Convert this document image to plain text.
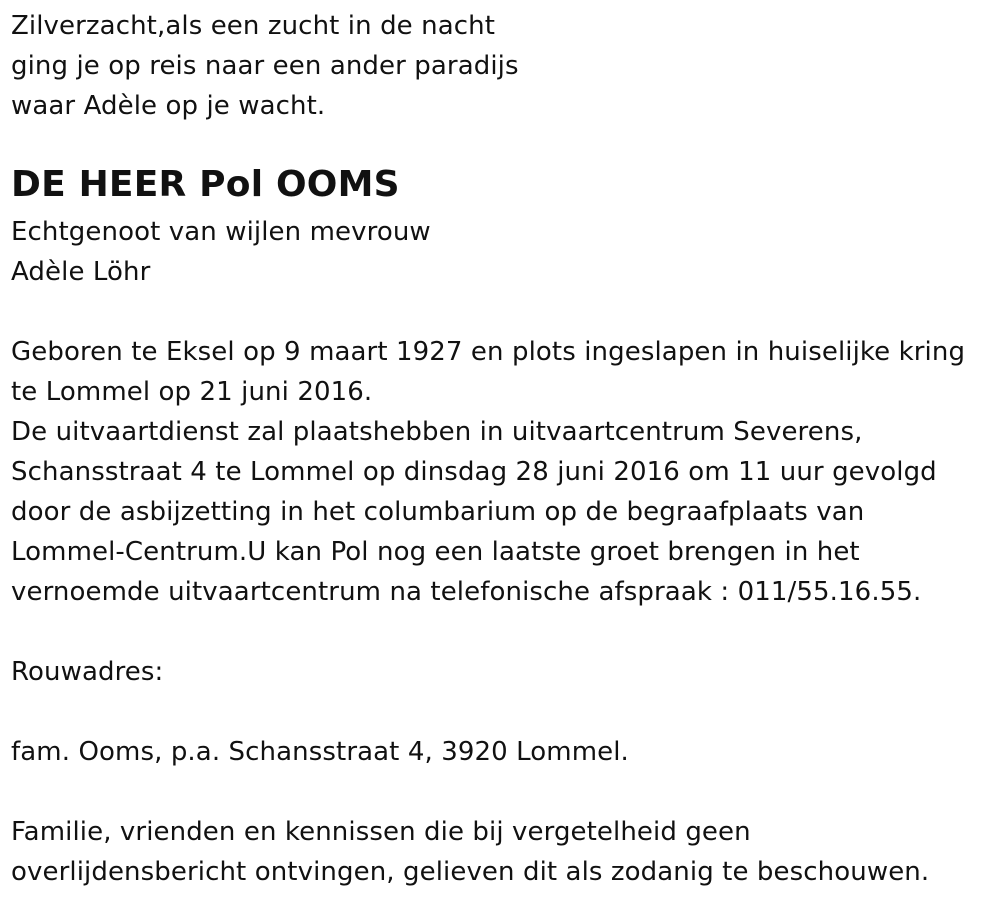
Zilverzacht,als een zucht in de nacht
ging je op reis naar een ander paradijs
waar Adèle op je wacht.
DE HEER Pol OOMS
Echtgenoot van wijlen mevrouw
Adèle Löhr
Geboren te Eksel op 9 maart 1927 en plots ingeslapen in huiselijke kring
te Lommel op 21 juni 2016.
De uitvaartdienst zal plaatshebben in uitvaartcentrum Severens,
Schansstraat 4 te Lommel op dinsdag 28 juni 2016 om 11 uur gevolgd
door de asbijzetting in het columbarium op de begraafplaats van
Lommel-Centrum.U kan Pol nog een laatste groet brengen in het
vernoemde uitvaartcentrum na telefonische afspraak : 011/55.16.55.
Rouwadres:
fam. Ooms, p.a. Schansstraat 4, 3920 Lommel.
Familie, vrienden en kennissen die bij vergetelheid geen
overlijdensbericht ontvingen, gelieven dit als zodanig te beschouwen.
